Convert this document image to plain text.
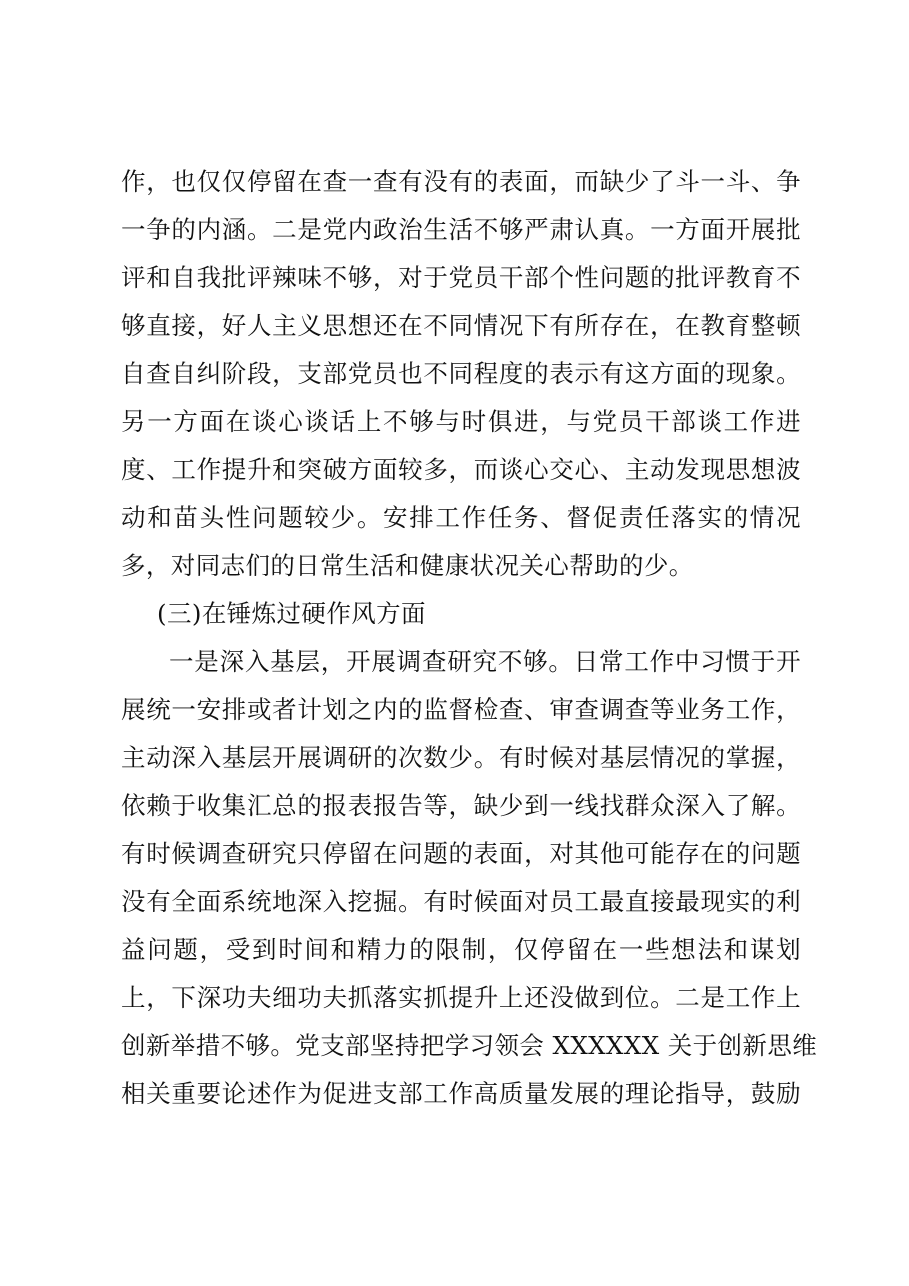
作，也仅仅停留在查一查有没有的表面，而缺少了斗一斗、争
一争的内涵。二是党内政治生活不够严肃认真。一方面开展批
评和自我批评辣味不够，对于党员干部个性问题的批评教育不
够直接，好人主义思想还在不同情况下有所存在，在教育整顿
自查自纠阶段，支部党员也不同程度的表示有这方面的现象。
另一方面在谈心谈话上不够与时俱进，与党员干部谈工作进
度、工作提升和突破方面较多，而谈心交心、主动发现思想波
动和苗头性问题较少。安排工作任务、督促责任落实的情况
多，对同志们的日常生活和健康状况关心帮助的少。
(三)在锤炼过硬作风方面
一是深入基层，开展调查研究不够。日常工作中习惯于开
展统一安排或者计划之内的监督检查、审查调查等业务工作，
主动深入基层开展调研的次数少。有时候对基层情况的掌握，
依赖于收集汇总的报表报告等，缺少到一线找群众深入了解。
有时候调查研究只停留在问题的表面，对其他可能存在的问题
没有全面系统地深入挖掘。有时候面对员工最直接最现实的利
益问题，受到时间和精力的限制，仅停留在一些想法和谋划
上，下深功夫细功夫抓落实抓提升上还没做到位。二是工作上
创新举措不够。党支部坚持把学习领会 XXXXXX 关于创新思维
相关重要论述作为促进支部工作高质量发展的理论指导，鼓励
